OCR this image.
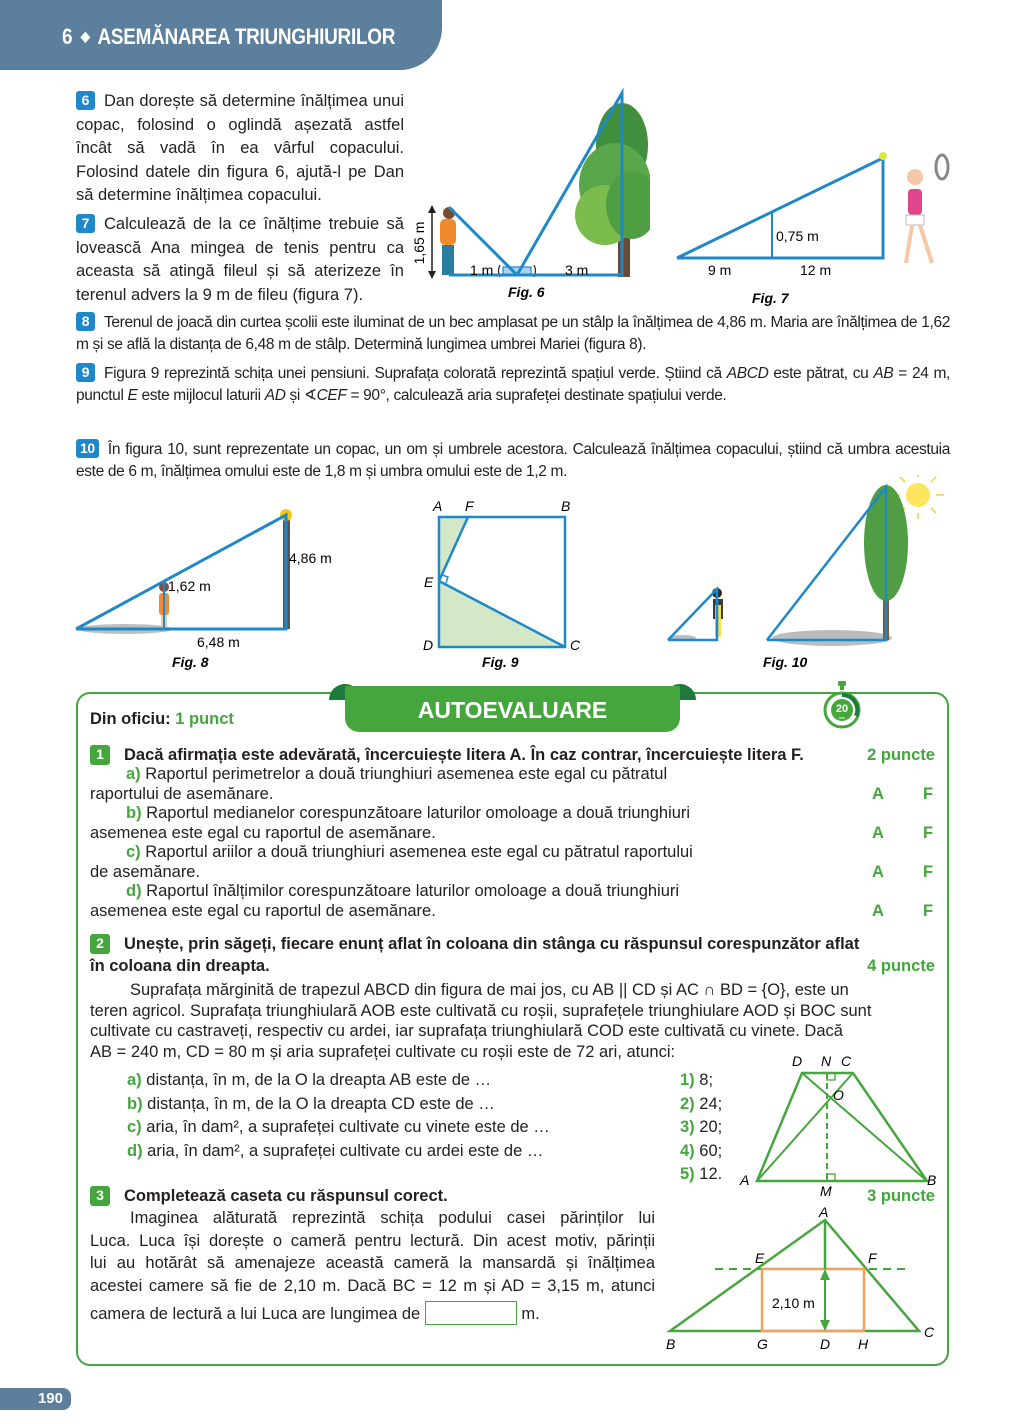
6 ◆ ASEMĂNAREA TRIUNGHIURILOR
6 Dan dorește să determine înălțimea unui copac, folosind o oglindă așezată astfel încât să vadă în ea vârful copacului. Folosind datele din figura 6, ajută-l pe Dan să determine înălțimea copacului.
7 Calculează de la ce înălțime trebuie să lovească Ana mingea de tenis pentru ca aceasta să atingă fileul și să aterizeze în terenul advers la 9 m de fileu (figura 7).
1,65 m
1 m	3 m
Fig. 6
0,75 m
9 m	12 m
Fig. 7
8 Terenul de joacă din curtea școlii este iluminat de un bec amplasat pe un stâlp la înălțimea de 4,86 m. Maria are înălțimea de 1,62 m și se află la distanța de 6,48 m de stâlp. Determină lungimea umbrei Mariei (figura 8).
9 Figura 9 reprezintă schița unei pensiuni. Suprafața colorată reprezintă spațiul verde. Știind că ABCD este pătrat, cu AB = 24 m, punctul E este mijlocul laturii AD și ∢CEF = 90°, calculează aria suprafeței destinate spațiului verde.
10 În figura 10, sunt reprezentate un copac, un om și umbrele acestora. Calculează înălțimea copacului, știind că umbra acestuia este de 6 m, înălțimea omului este de 1,8 m și umbra omului este de 1,2 m.
4,86 m
1,62 m
6,48 m
Fig. 8
A F	B
E
D	C
Fig. 9	Fig. 10
AUTOEVALUARE
Din oficiu: 1 punct
20
min
1 Dacă afirmația este adevărată, încercuiește litera A. În caz contrar, încercuiește litera F.	2 puncte
a) Raportul perimetrelor a două triunghiuri asemenea este egal cu pătratul
raportului de asemănare.	A F
b) Raportul medianelor corespunzătoare laturilor omoloage a două triunghiuri
asemenea este egal cu raportul de asemănare.	A F
c) Raportul ariilor a două triunghiuri asemenea este egal cu pătratul raportului
de asemănare.	A F
d) Raportul înălțimilor corespunzătoare laturilor omoloage a două triunghiuri
asemenea este egal cu raportul de asemănare.	A F
2 Unește, prin săgeți, fiecare enunț aflat în coloana din stânga cu răspunsul corespunzător aflat
în coloana din dreapta.	4 puncte
Suprafața mărginită de trapezul ABCD din figura de mai jos, cu AB || CD și AC ∩ BD = {O}, este un
teren agricol. Suprafața triunghiulară AOB este cultivată cu roșii, suprafețele triunghiulare AOD și BOC sunt
cultivate cu castraveți, respectiv cu ardei, iar suprafața triunghiulară COD este cultivată cu vinete. Dacă
AB = 240 m, CD = 80 m și aria suprafeței cultivate cu roșii este de 72 ari, atunci:
a) distanța, în m, de la O la dreapta AB este de …
b) distanța, în m, de la O la dreapta CD este de …
c) aria, în dam², a suprafeței cultivate cu vinete este de …
d) aria, în dam², a suprafeței cultivate cu ardei este de …
1) 8;
2) 24;
3) 20;
4) 60;
5) 12.
D N C
O
A
M
B
3 Completează caseta cu răspunsul corect.	3 puncte
Imaginea alăturată reprezintă schița podului casei părinților lui
Luca. Luca își dorește o cameră pentru lectură. Din acest motiv, părinții
lui au hotărât să amenajeze această cameră la mansardă și înălțimea
acestei camere să fie de 2,10 m. Dacă BC = 12 m și AD = 3,15 m, atunci
camera de lectură a lui Luca are lungimea de	m.
2,10 m
A
E	F
B	G	D H
C
190
